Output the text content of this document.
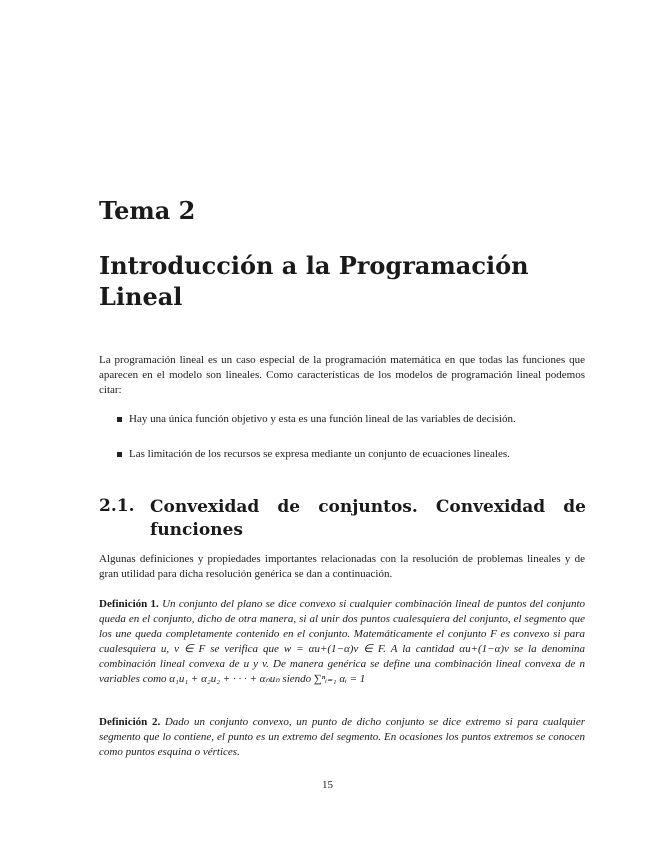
Tema 2
Introducción a la Programación Lineal

La programación lineal es un caso especial de la programación matemática en que todas las funciones que aparecen en el modelo son lineales. Como características de los modelos de programación lineal podemos citar:

Hay una única función objetivo y esta es una función lineal de las variables de decisión.
Las limitación de los recursos se expresa mediante un conjunto de ecuaciones lineales.
2.1. Convexidad de conjuntos. Convexidad de funciones

Algunas definiciones y propiedades importantes relacionadas con la resolución de problemas lineales y de gran utilidad para dicha resolución genérica se dan a continuación.

Definición 1. Un conjunto del plano se dice convexo si cualquier combinación lineal de puntos del conjunto queda en el conjunto, dicho de otra manera, si al unir dos puntos cualesquiera del conjunto, el segmento que los une queda completamente contenido en el conjunto. Matemáticamente el conjunto F es convexo si para cualesquiera u, v ∈ F se verifica que w = αu+(1−α)v ∈ F. A la cantidad αu+(1−α)v se la denomina combinación lineal convexa de u y v. De manera genérica se define una combinación lineal convexa de n variables como α₁u₁ + α₂u₂ + · · · + αₙuₙ siendo ∑ⁿᵢ₌₁ αᵢ = 1

Definición 2. Dado un conjunto convexo, un punto de dicho conjunto se dice extremo si para cualquier segmento que lo contiene, el punto es un extremo del segmento. En ocasiones los puntos extremos se conocen como puntos esquina o vértices.

15
